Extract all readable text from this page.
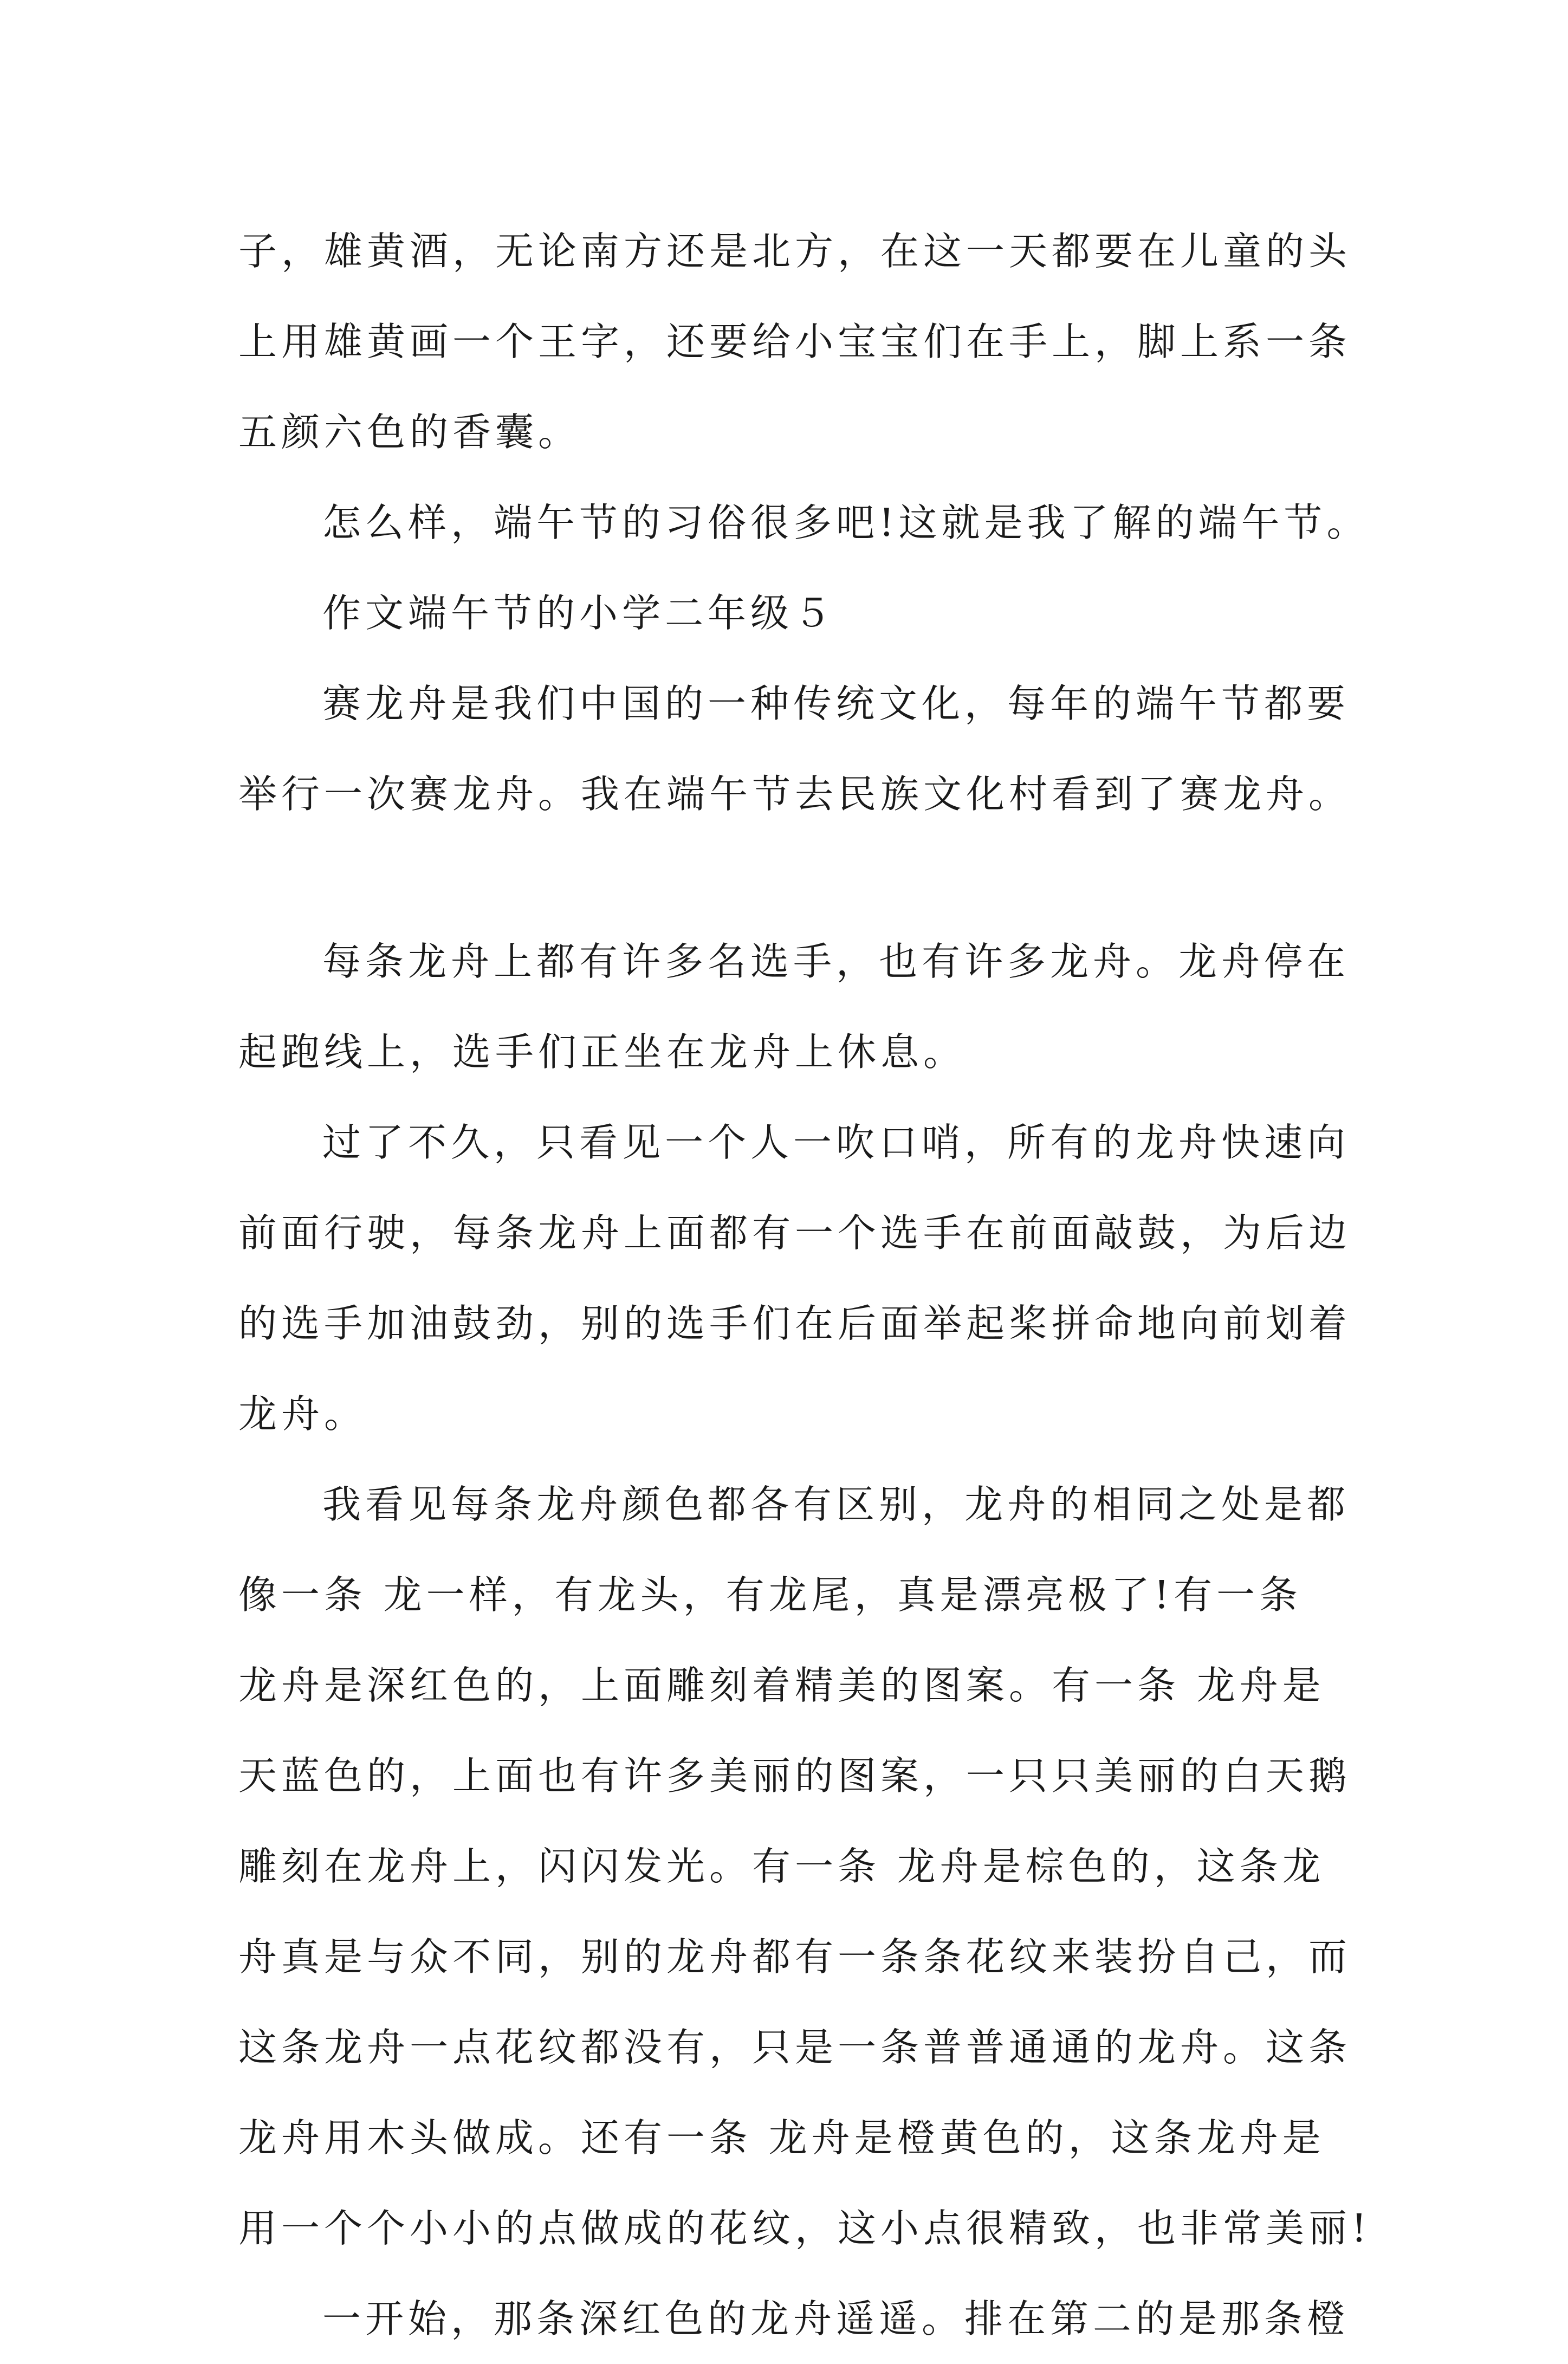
子，雄黄酒，无论南方还是北方，在这一天都要在儿童的头
上用雄黄画一个王字，还要给小宝宝们在手上，脚上系一条
五颜六色的香囊。
怎么样，端午节的习俗很多吧!这就是我了解的端午节。
作文端午节的小学二年级５
赛龙舟是我们中国的一种传统文化，每年的端午节都要
举行一次赛龙舟。我在端午节去民族文化村看到了赛龙舟。
每条龙舟上都有许多名选手，也有许多龙舟。龙舟停在
起跑线上，选手们正坐在龙舟上休息。
过了不久，只看见一个人一吹口哨，所有的龙舟快速向
前面行驶，每条龙舟上面都有一个选手在前面敲鼓，为后边
的选手加油鼓劲，别的选手们在后面举起桨拼命地向前划着
龙舟。
我看见每条龙舟颜色都各有区别，龙舟的相同之处是都
像一条 龙一样，有龙头，有龙尾，真是漂亮极了!有一条
龙舟是深红色的，上面雕刻着精美的图案。有一条 龙舟是
天蓝色的，上面也有许多美丽的图案，一只只美丽的白天鹅
雕刻在龙舟上，闪闪发光。有一条 龙舟是棕色的，这条龙
舟真是与众不同，别的龙舟都有一条条花纹来装扮自己，而
这条龙舟一点花纹都没有，只是一条普普通通的龙舟。这条
龙舟用木头做成。还有一条 龙舟是橙黄色的，这条龙舟是
用一个个小小的点做成的花纹，这小点很精致，也非常美丽!
一开始，那条深红色的龙舟遥遥。排在第二的是那条橙
